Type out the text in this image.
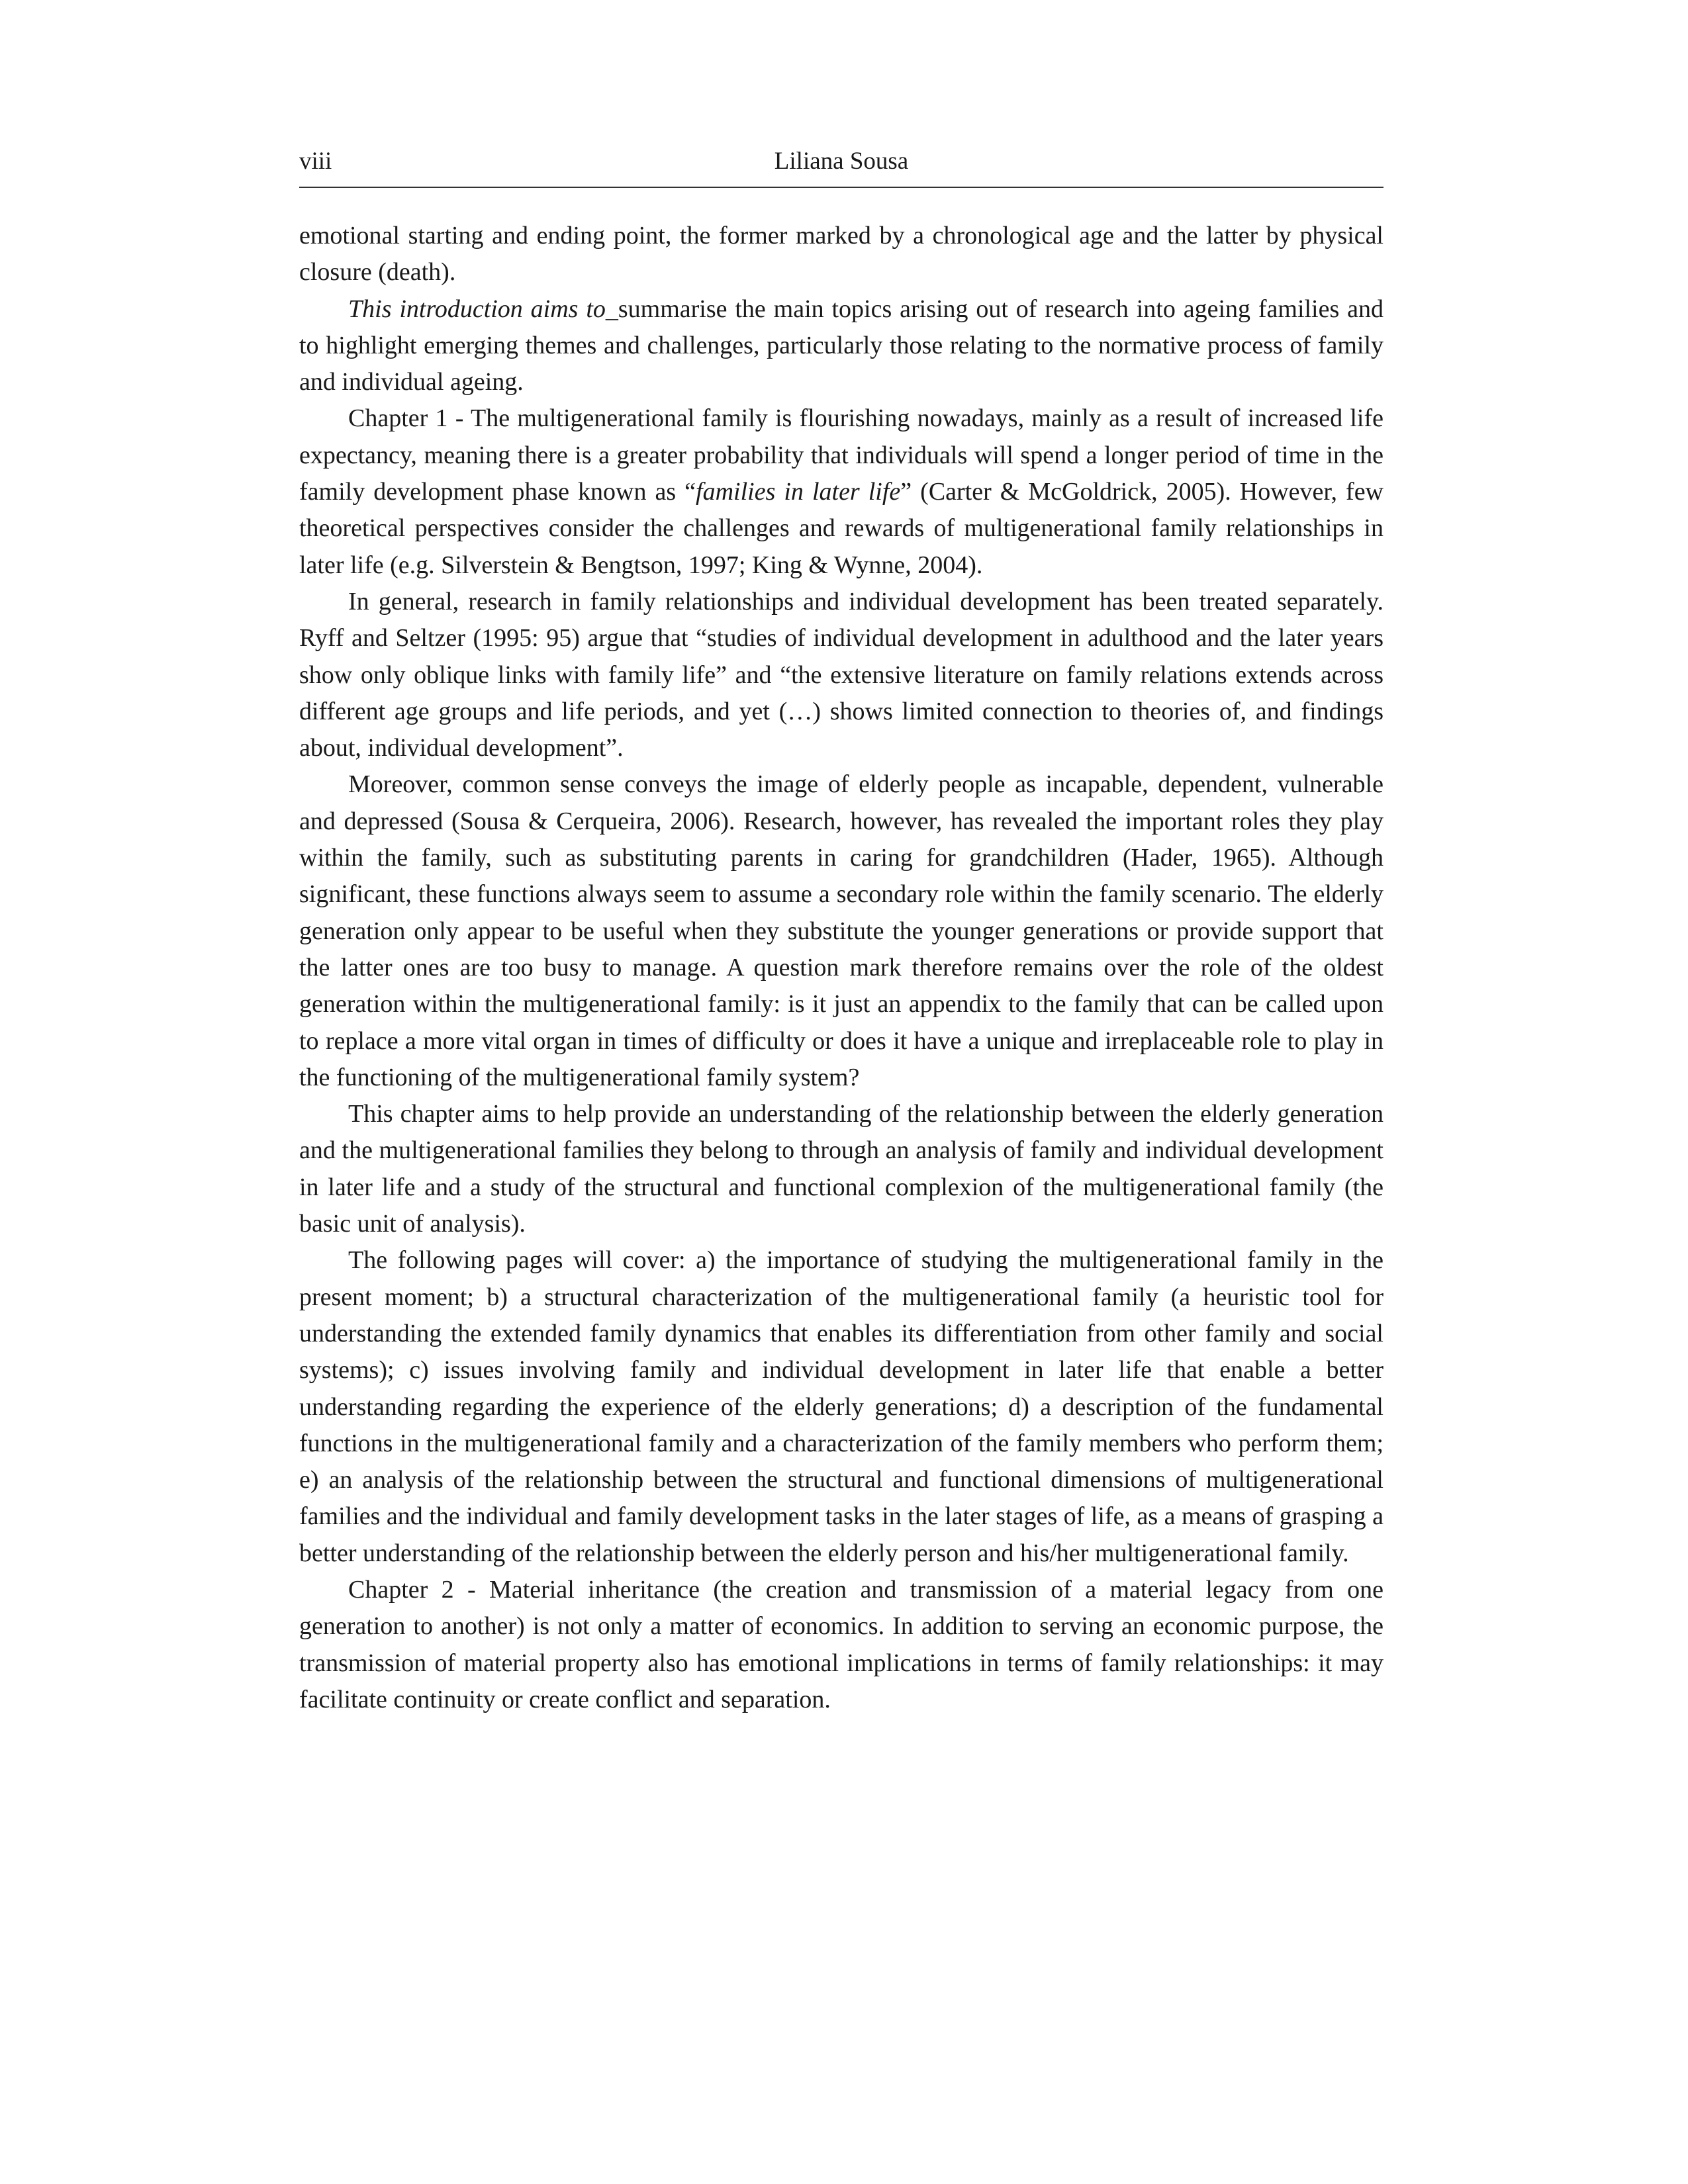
viii	Liliana Sousa

emotional starting and ending point, the former marked by a chronological age and the latter by physical closure (death).

This introduction aims to_summarise the main topics arising out of research into ageing families and to highlight emerging themes and challenges, particularly those relating to the normative process of family and individual ageing.

Chapter 1 - The multigenerational family is flourishing nowadays, mainly as a result of increased life expectancy, meaning there is a greater probability that individuals will spend a longer period of time in the family development phase known as “families in later life” (Carter & McGoldrick, 2005). However, few theoretical perspectives consider the challenges and rewards of multigenerational family relationships in later life (e.g. Silverstein & Bengtson, 1997; King & Wynne, 2004).

In general, research in family relationships and individual development has been treated separately. Ryff and Seltzer (1995: 95) argue that “studies of individual development in adulthood and the later years show only oblique links with family life” and “the extensive literature on family relations extends across different age groups and life periods, and yet (…) shows limited connection to theories of, and findings about, individual development”.

Moreover, common sense conveys the image of elderly people as incapable, dependent, vulnerable and depressed (Sousa & Cerqueira, 2006). Research, however, has revealed the important roles they play within the family, such as substituting parents in caring for grandchildren (Hader, 1965). Although significant, these functions always seem to assume a secondary role within the family scenario. The elderly generation only appear to be useful when they substitute the younger generations or provide support that the latter ones are too busy to manage. A question mark therefore remains over the role of the oldest generation within the multigenerational family: is it just an appendix to the family that can be called upon to replace a more vital organ in times of difficulty or does it have a unique and irreplaceable role to play in the functioning of the multigenerational family system?

This chapter aims to help provide an understanding of the relationship between the elderly generation and the multigenerational families they belong to through an analysis of family and individual development in later life and a study of the structural and functional complexion of the multigenerational family (the basic unit of analysis).

The following pages will cover: a) the importance of studying the multigenerational family in the present moment; b) a structural characterization of the multigenerational family (a heuristic tool for understanding the extended family dynamics that enables its differentiation from other family and social systems); c) issues involving family and individual development in later life that enable a better understanding regarding the experience of the elderly generations; d) a description of the fundamental functions in the multigenerational family and a characterization of the family members who perform them; e) an analysis of the relationship between the structural and functional dimensions of multigenerational families and the individual and family development tasks in the later stages of life, as a means of grasping a better understanding of the relationship between the elderly person and his/her multigenerational family.

Chapter 2 - Material inheritance (the creation and transmission of a material legacy from one generation to another) is not only a matter of economics. In addition to serving an economic purpose, the transmission of material property also has emotional implications in terms of family relationships: it may facilitate continuity or create conflict and separation.
